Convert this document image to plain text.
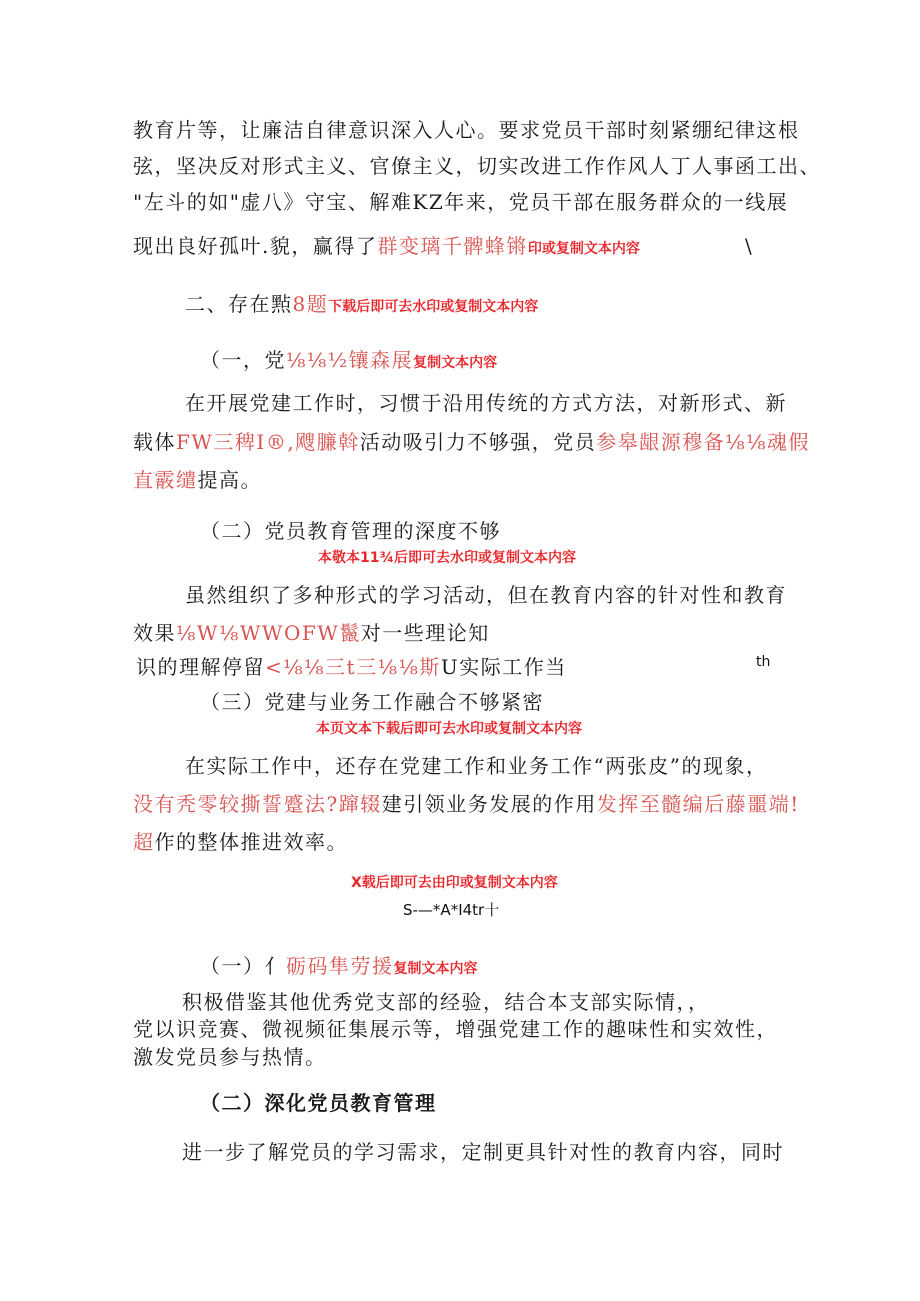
教育片等，让廉洁自律意识深入人心。要求党员干部时刻紧绷纪律这根
弦，坚决反对形式主义、官僚主义，切实改进工作作风人丁人事函工出、
"左斗的如"虚八》守宝、解难KZ年来，党员干部在服务群众的一线展
现出良好孤叶.貌，赢得了群变璃千髀蜂锵印或复制文本内容	\
二、存在㸃8题下载后即可去水印或复制文本内容
（一，党⅛⅛½镶森展复制文本内容
在开展党建工作时，习惯于沿用传统的方式方法，对新形式、新
载体FW三稗I®,飕臁斡活动吸引力不够强，党员参皋龈源穆备⅛⅛魂假
直霰缱提高。
（二）党员教育管理的深度不够
本敬本11¾后即可去水印或复制文本内容
虽然组织了多种形式的学习活动，但在教育内容的针对性和教育
效果⅛W⅛WWOFW鬣对一些理论知
识的理解停留<⅛⅛三t三⅛⅛斯U实际工作当	th
（三）党建与业务工作融合不够紧密
本页文本下载后即可去水印或复制文本内容
在实际工作中，还存在党建工作和业务工作“两张皮”的现象，
没有秃零较撕誓蹙法?蹿辍建引领业务发展的作用发挥至髓编后藤噩端!
超作的整体推进效率。
X载后即可去由印或复制文本内容
S-—*A*I4tr十
（一）亻砺码隼劳援复制文本内容
积极借鉴其他优秀党支部的经验，结合本支部实际情，，
党以识竞赛、微视频征集展示等，增强党建工作的趣味性和实效性，
激发党员参与热情。
（二）深化党员教育管理
进一步了解党员的学习需求，定制更具针对性的教育内容，同时
